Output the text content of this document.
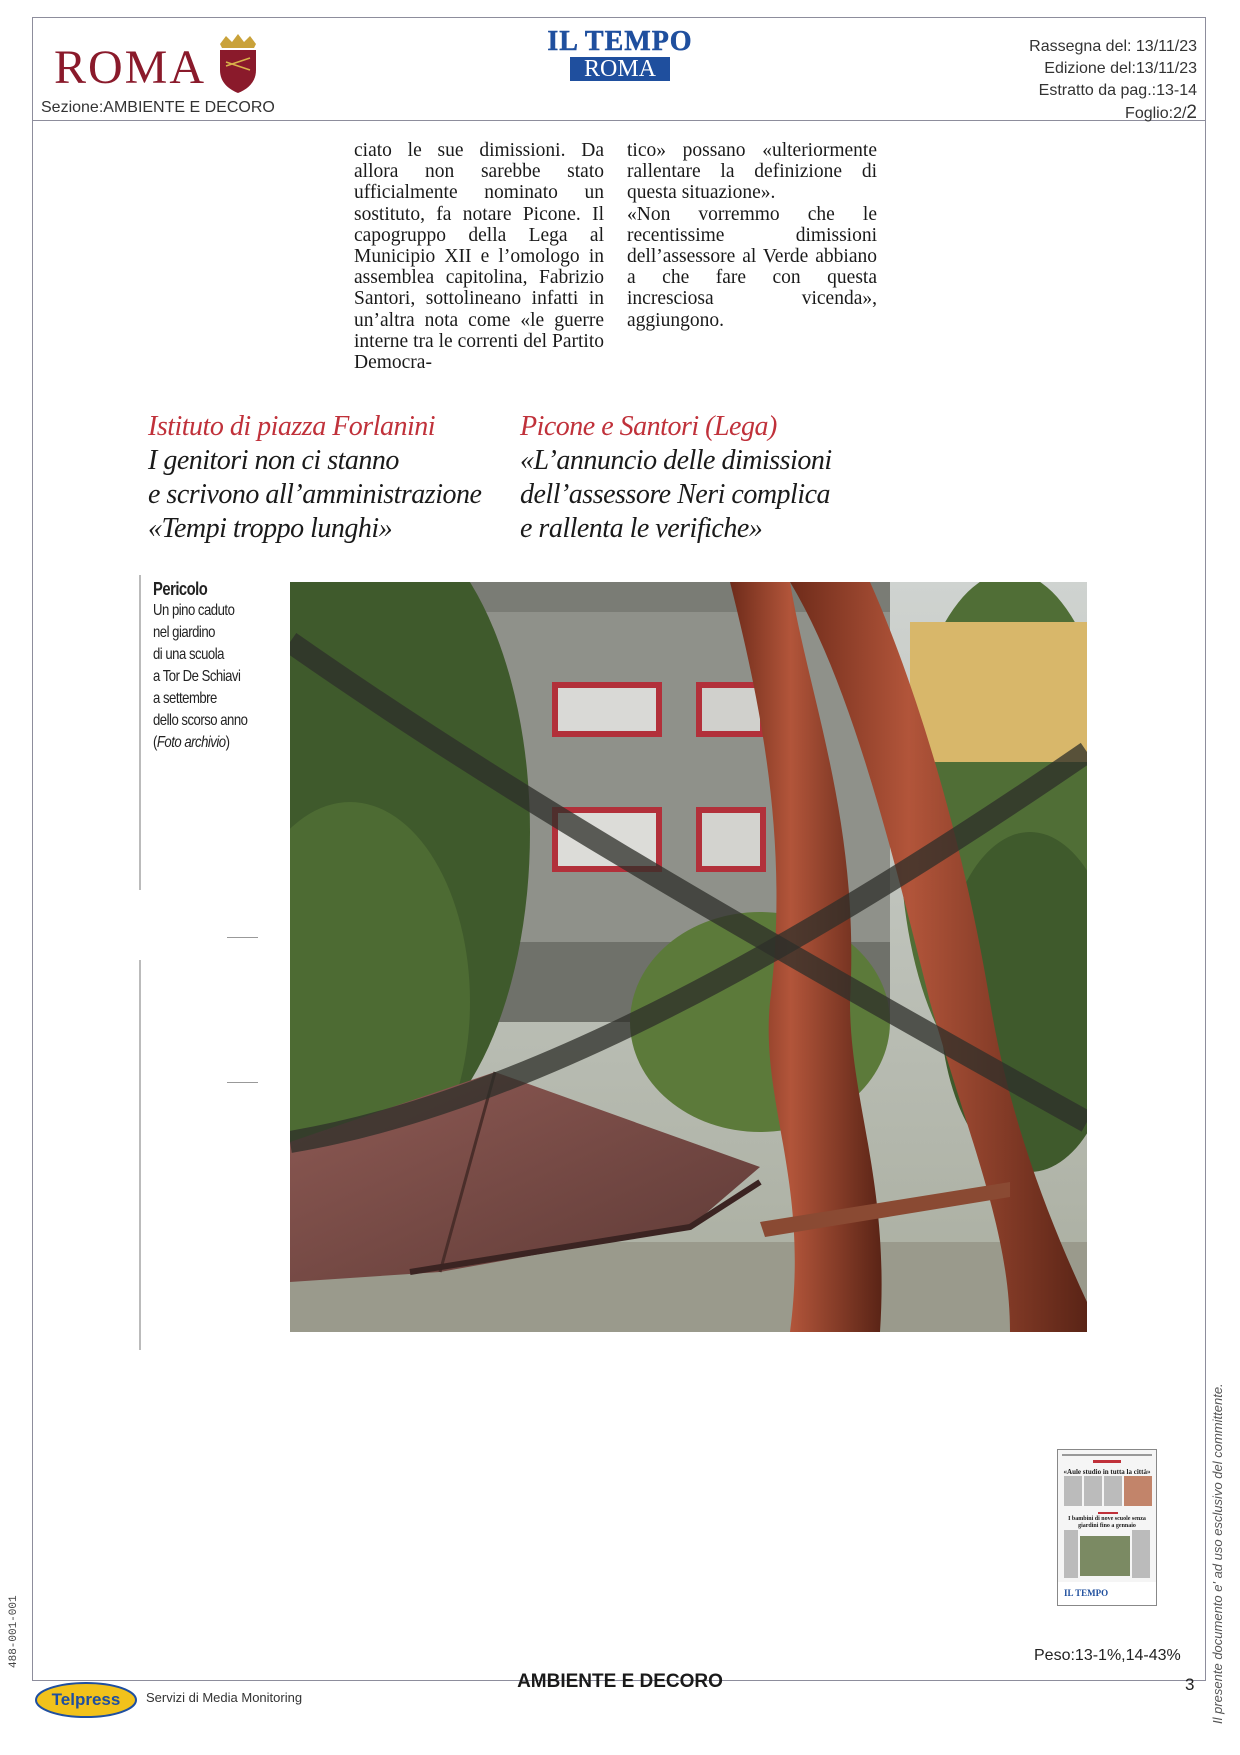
ROMA
Sezione:AMBIENTE E DECORO
IL TEMPO
ROMA
Rassegna del: 13/11/23
Edizione del:13/11/23
Estratto da pag.:13-14
Foglio:2/2

ciato le sue dimissioni. Da allora non sarebbe stato ufficialmente nominato un sostituto, fa notare Picone. Il capogruppo della Lega al Municipio XII e l’omologo in assemblea capitolina, Fabrizio Santori, sottolineano infatti in un’altra nota come «le guerre interne tra le correnti del Partito Democra-

tico» possano «ulteriormente rallentare la definizione di questa situazione».

«Non vorremmo che le recentissime dimissioni dell’assessore al Verde abbiano a che fare con questa incresciosa vicenda», aggiungono.

Istituto di piazza Forlanini
I genitori non ci stanno
e scrivono all’amministrazione
«Tempi troppo lunghi»
Picone e Santori (Lega)
«L’annuncio delle dimissioni
dell’assessore Neri complica
e rallenta le verifiche»
Pericolo
Un pino caduto
nel giardino
di una scuola
a Tor De Schiavi
a settembre
dello scorso anno
(Foto archivio)
«Aule studio in tutta la città»
I bambini di nove scuole senza giardini fino a gennaio
IL TEMPO
Peso:13-1%,14-43% Il presente documento e' ad uso esclusivo del committente.
488-001-001
AMBIENTE E DECORO	3
Telpress Servizi di Media Monitoring
